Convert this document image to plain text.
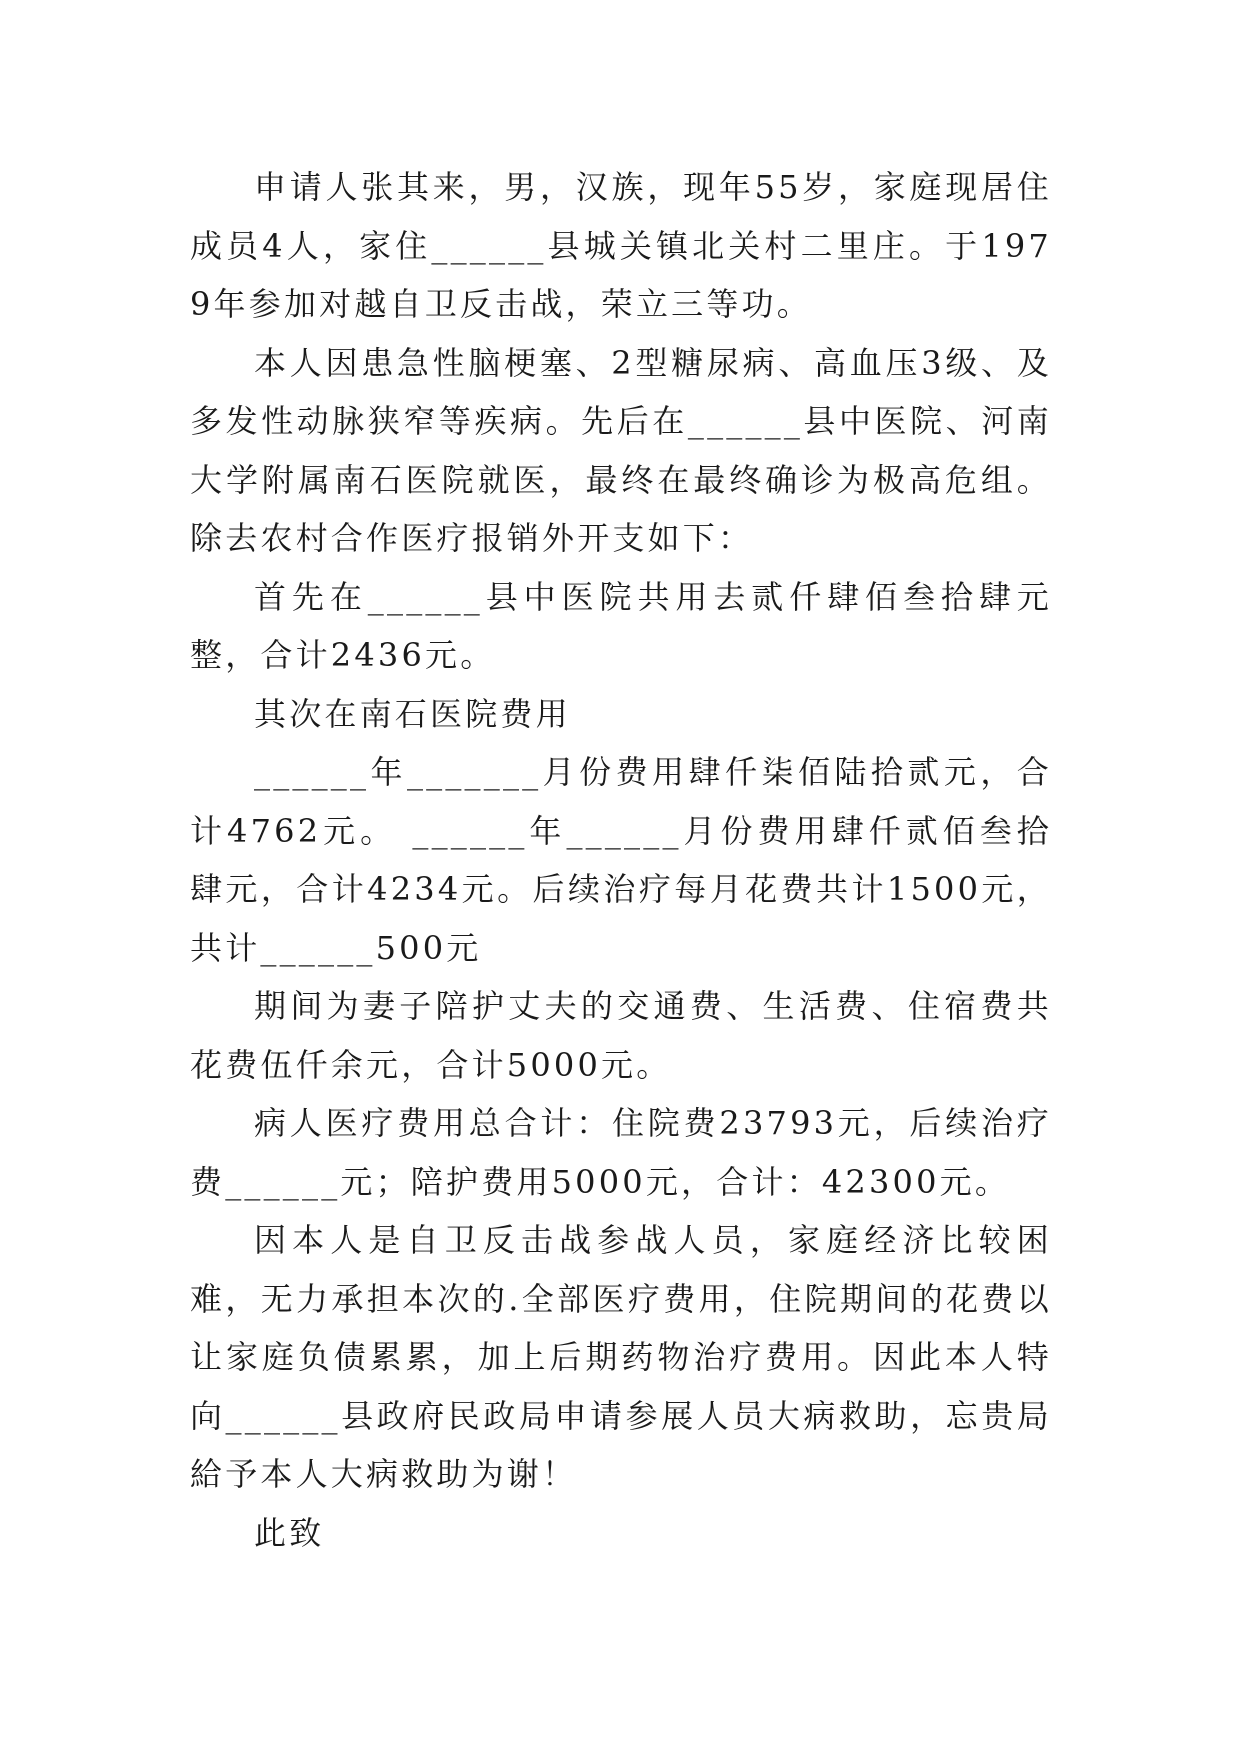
申请人张其来，男，汉族，现年55岁，家庭现居住成员4人，家住______县城关镇北关村二里庄。于1979年参加对越自卫反击战，荣立三等功。

本人因患急性脑梗塞、2型糖尿病、高血压3级、及多发性动脉狭窄等疾病。先后在______县中医院、河南大学附属南石医院就医，最终在最终确诊为极高危组。除去农村合作医疗报销外开支如下：

首先在______县中医院共用去贰仟肆佰叁拾肆元整，合计2436元。

其次在南石医院费用

______年_______月份费用肆仟柒佰陆拾贰元，合计4762元。 ______年______月份费用肆仟贰佰叁拾肆元，合计4234元。后续治疗每月花费共计1500元，共计______500元

期间为妻子陪护丈夫的交通费、生活费、住宿费共花费伍仟余元，合计5000元。

病人医疗费用总合计：住院费23793元，后续治疗费______元；陪护费用5000元，合计：42300元。

因本人是自卫反击战参战人员，家庭经济比较困难，无力承担本次的.全部医疗费用，住院期间的花费以让家庭负债累累，加上后期药物治疗费用。因此本人特向______县政府民政局申请参展人员大病救助，忘贵局給予本人大病救助为谢！

此致
